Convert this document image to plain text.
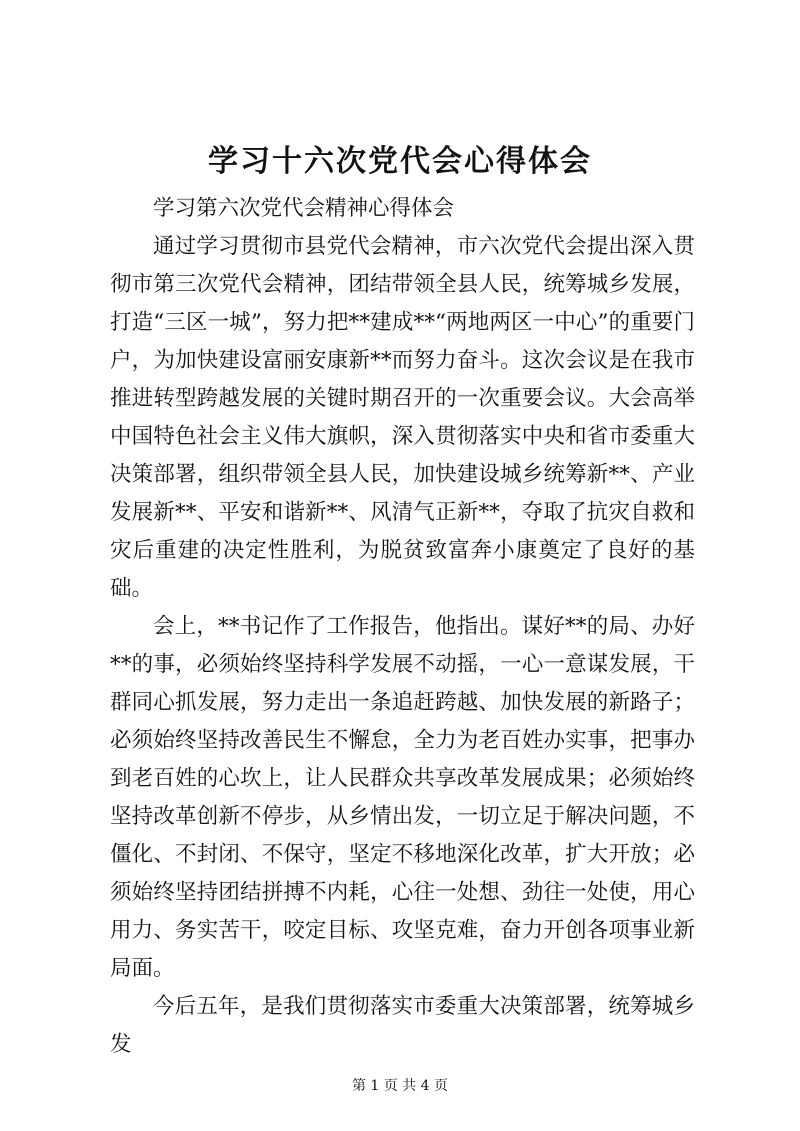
学习十六次党代会心得体会

学习第六次党代会精神心得体会

通过学习贯彻市县党代会精神，市六次党代会提出深入贯彻市第三次党代会精神，团结带领全县人民，统筹城乡发展，打造“三区一城”，努力把**建成**“两地两区一中心”的重要门户，为加快建设富丽安康新**而努力奋斗。这次会议是在我市推进转型跨越发展的关键时期召开的一次重要会议。大会高举中国特色社会主义伟大旗帜，深入贯彻落实中央和省市委重大决策部署，组织带领全县人民，加快建设城乡统筹新**、产业发展新**、平安和谐新**、风清气正新**，夺取了抗灾自救和灾后重建的决定性胜利，为脱贫致富奔小康奠定了良好的基础。

会上，**书记作了工作报告，他指出。谋好**的局、办好**的事，必须始终坚持科学发展不动摇，一心一意谋发展，干群同心抓发展，努力走出一条追赶跨越、加快发展的新路子；必须始终坚持改善民生不懈怠，全力为老百姓办实事，把事办到老百姓的心坎上，让人民群众共享改革发展成果；必须始终坚持改革创新不停步，从乡情出发，一切立足于解决问题，不僵化、不封闭、不保守，坚定不移地深化改革，扩大开放；必须始终坚持团结拼搏不内耗，心往一处想、劲往一处使，用心用力、务实苦干，咬定目标、攻坚克难，奋力开创各项事业新局面。

今后五年，是我们贯彻落实市委重大决策部署，统筹城乡发

第 1 页 共 4 页
